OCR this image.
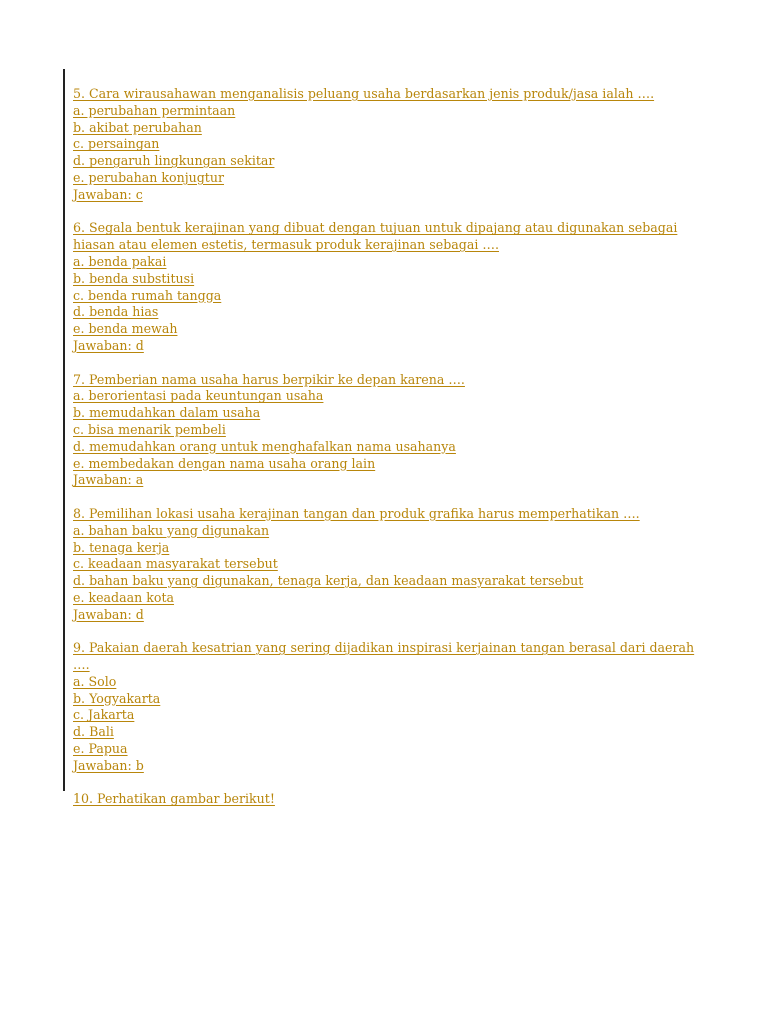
5. Cara wirausahawan menganalisis peluang usaha berdasarkan jenis produk/jasa ialah ….
a. perubahan permintaan
b. akibat perubahan
c. persaingan
d. pengaruh lingkungan sekitar
e. perubahan konjugtur
Jawaban: c
6. Segala bentuk kerajinan yang dibuat dengan tujuan untuk dipajang atau digunakan sebagai hiasan atau elemen estetis, termasuk produk kerajinan sebagai ….
a. benda pakai
b. benda substitusi
c. benda rumah tangga
d. benda hias
e. benda mewah
Jawaban: d
7. Pemberian nama usaha harus berpikir ke depan karena ….
a. berorientasi pada keuntungan usaha
b. memudahkan dalam usaha
c. bisa menarik pembeli
d. memudahkan orang untuk menghafalkan nama usahanya
e. membedakan dengan nama usaha orang lain
Jawaban: a
8. Pemilihan lokasi usaha kerajinan tangan dan produk grafika harus memperhatikan ….
a. bahan baku yang digunakan
b. tenaga kerja
c. keadaan masyarakat tersebut
d. bahan baku yang digunakan, tenaga kerja, dan keadaan masyarakat tersebut
e. keadaan kota
Jawaban: d
9. Pakaian daerah kesatrian yang sering dijadikan inspirasi kerjainan tangan berasal dari daerah ….
a. Solo
b. Yogyakarta
c. Jakarta
d. Bali
e. Papua
Jawaban: b
10. Perhatikan gambar berikut!
